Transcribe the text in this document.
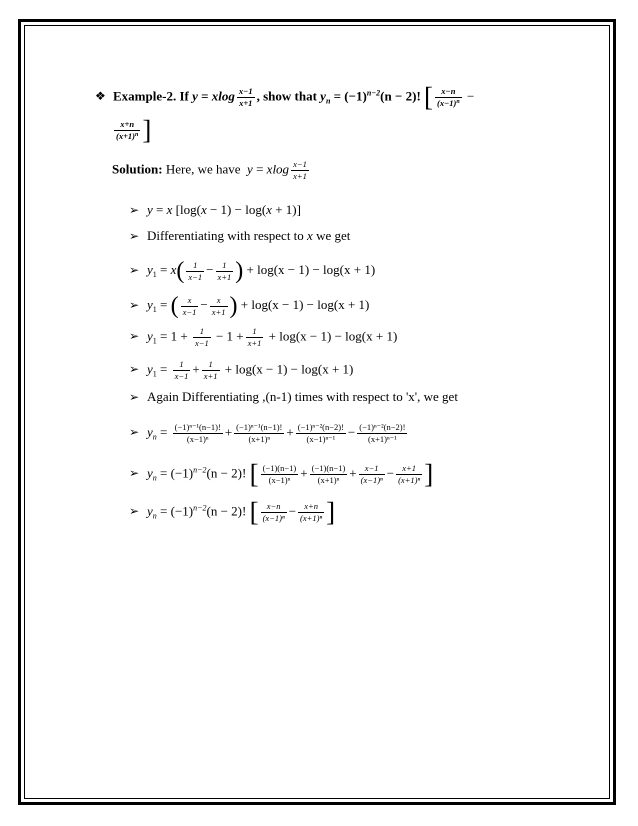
❖ Example-2. If y = xlog $\frac{x-1}{x+1}$ , show that $y_n = (-1)^{n-2}(n - 2)$! [ $\frac{x-n}{(x-1)^n}$ −
$\frac{x+n}{(x+1)^n}$ ]
Solution: Here, we have y = xlog $\frac{x-1}{x+1}$
➢ y = x [log(x − 1) − log(x + 1)]
➢ Differentiating with respect to x we get
➢ $y_1 = x( \frac{1}{x-1} - \frac{1}{x+1}$ ) + log(x − 1) − log(x + 1)
➢ $y_1$ = ( $\frac{x}{x-1} - \frac{x}{x+1}$ ) + log(x − 1) − log(x + 1)
➢ $y_1 = 1 + \frac{1}{x-1} - 1 + \frac{1}{x+1} + \log(x - 1) - \log(x + 1)$
➢ $y_1 = \frac{1}{x-1} + \frac{1}{x+1} + \log(x - 1) - \log(x + 1)$
➢ Again Differentiating ,(n-1) times with respect to 'x', we get
➢ $y_n = \frac{\text{(−1)ⁿ⁻¹(n−1)!}}{\text{(x−1)ⁿ}} + \frac{\text{(−1)ⁿ⁻¹(n−1)!}}{\text{(x+1)ⁿ}} + \frac{\text{(−1)ⁿ⁻²(n−2)!}}{\text{(x−1)ⁿ⁻¹}} - \frac{\text{(−1)ⁿ⁻²(n−2)!}}{\text{(x+1)ⁿ⁻¹}}$
➢ $y_n = (-1)^{n-2}(n - 2)$! [ $\frac{(-1)(n-1)}{\text{(x−1)ⁿ}} + \frac{(-1)(n-1)}{\text{(x+1)ⁿ}} + \frac{x-1}{\text{(x−1)ⁿ}} - \frac{x+1}{\text{(x+1)ⁿ}}$ ]
➢ $y_n = (-1)^{n-2}(n - 2)$! [ $\frac{x-n}{\text{(x−1)ⁿ}} - \frac{x+n}{\text{(x+1)ⁿ}}$ ]
